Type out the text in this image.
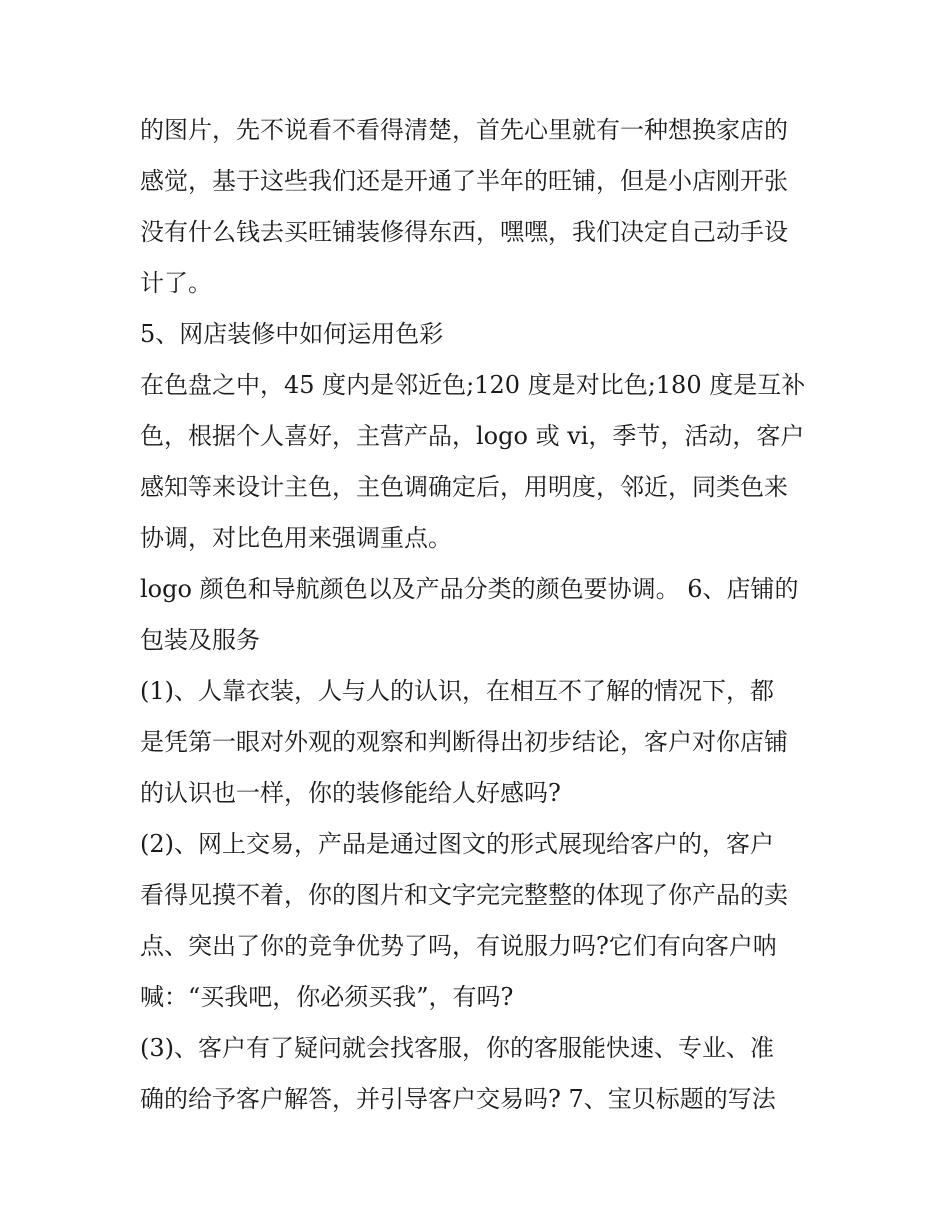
的图片，先不说看不看得清楚，首先心里就有一种想换家店的
感觉，基于这些我们还是开通了半年的旺铺，但是小店刚开张
没有什么钱去买旺铺装修得东西，嘿嘿，我们决定自己动手设
计了。
5、网店装修中如何运用色彩
在色盘之中，45 度内是邻近色;120 度是对比色;180 度是互补
色，根据个人喜好，主营产品，logo 或 vi，季节，活动，客户
感知等来设计主色，主色调确定后，用明度，邻近，同类色来
协调，对比色用来强调重点。
logo 颜色和导航颜色以及产品分类的颜色要协调。 6、店铺的
包装及服务
(1)、人靠衣装，人与人的认识，在相互不了解的情况下，都
是凭第一眼对外观的观察和判断得出初步结论，客户对你店铺
的认识也一样，你的装修能给人好感吗?
(2)、网上交易，产品是通过图文的形式展现给客户的，客户
看得见摸不着，你的图片和文字完完整整的体现了你产品的卖
点、突出了你的竞争优势了吗，有说服力吗?它们有向客户呐
喊：“买我吧，你必须买我”，有吗?
(3)、客户有了疑问就会找客服，你的客服能快速、专业、准
确的给予客户解答，并引导客户交易吗? 7、宝贝标题的写法
